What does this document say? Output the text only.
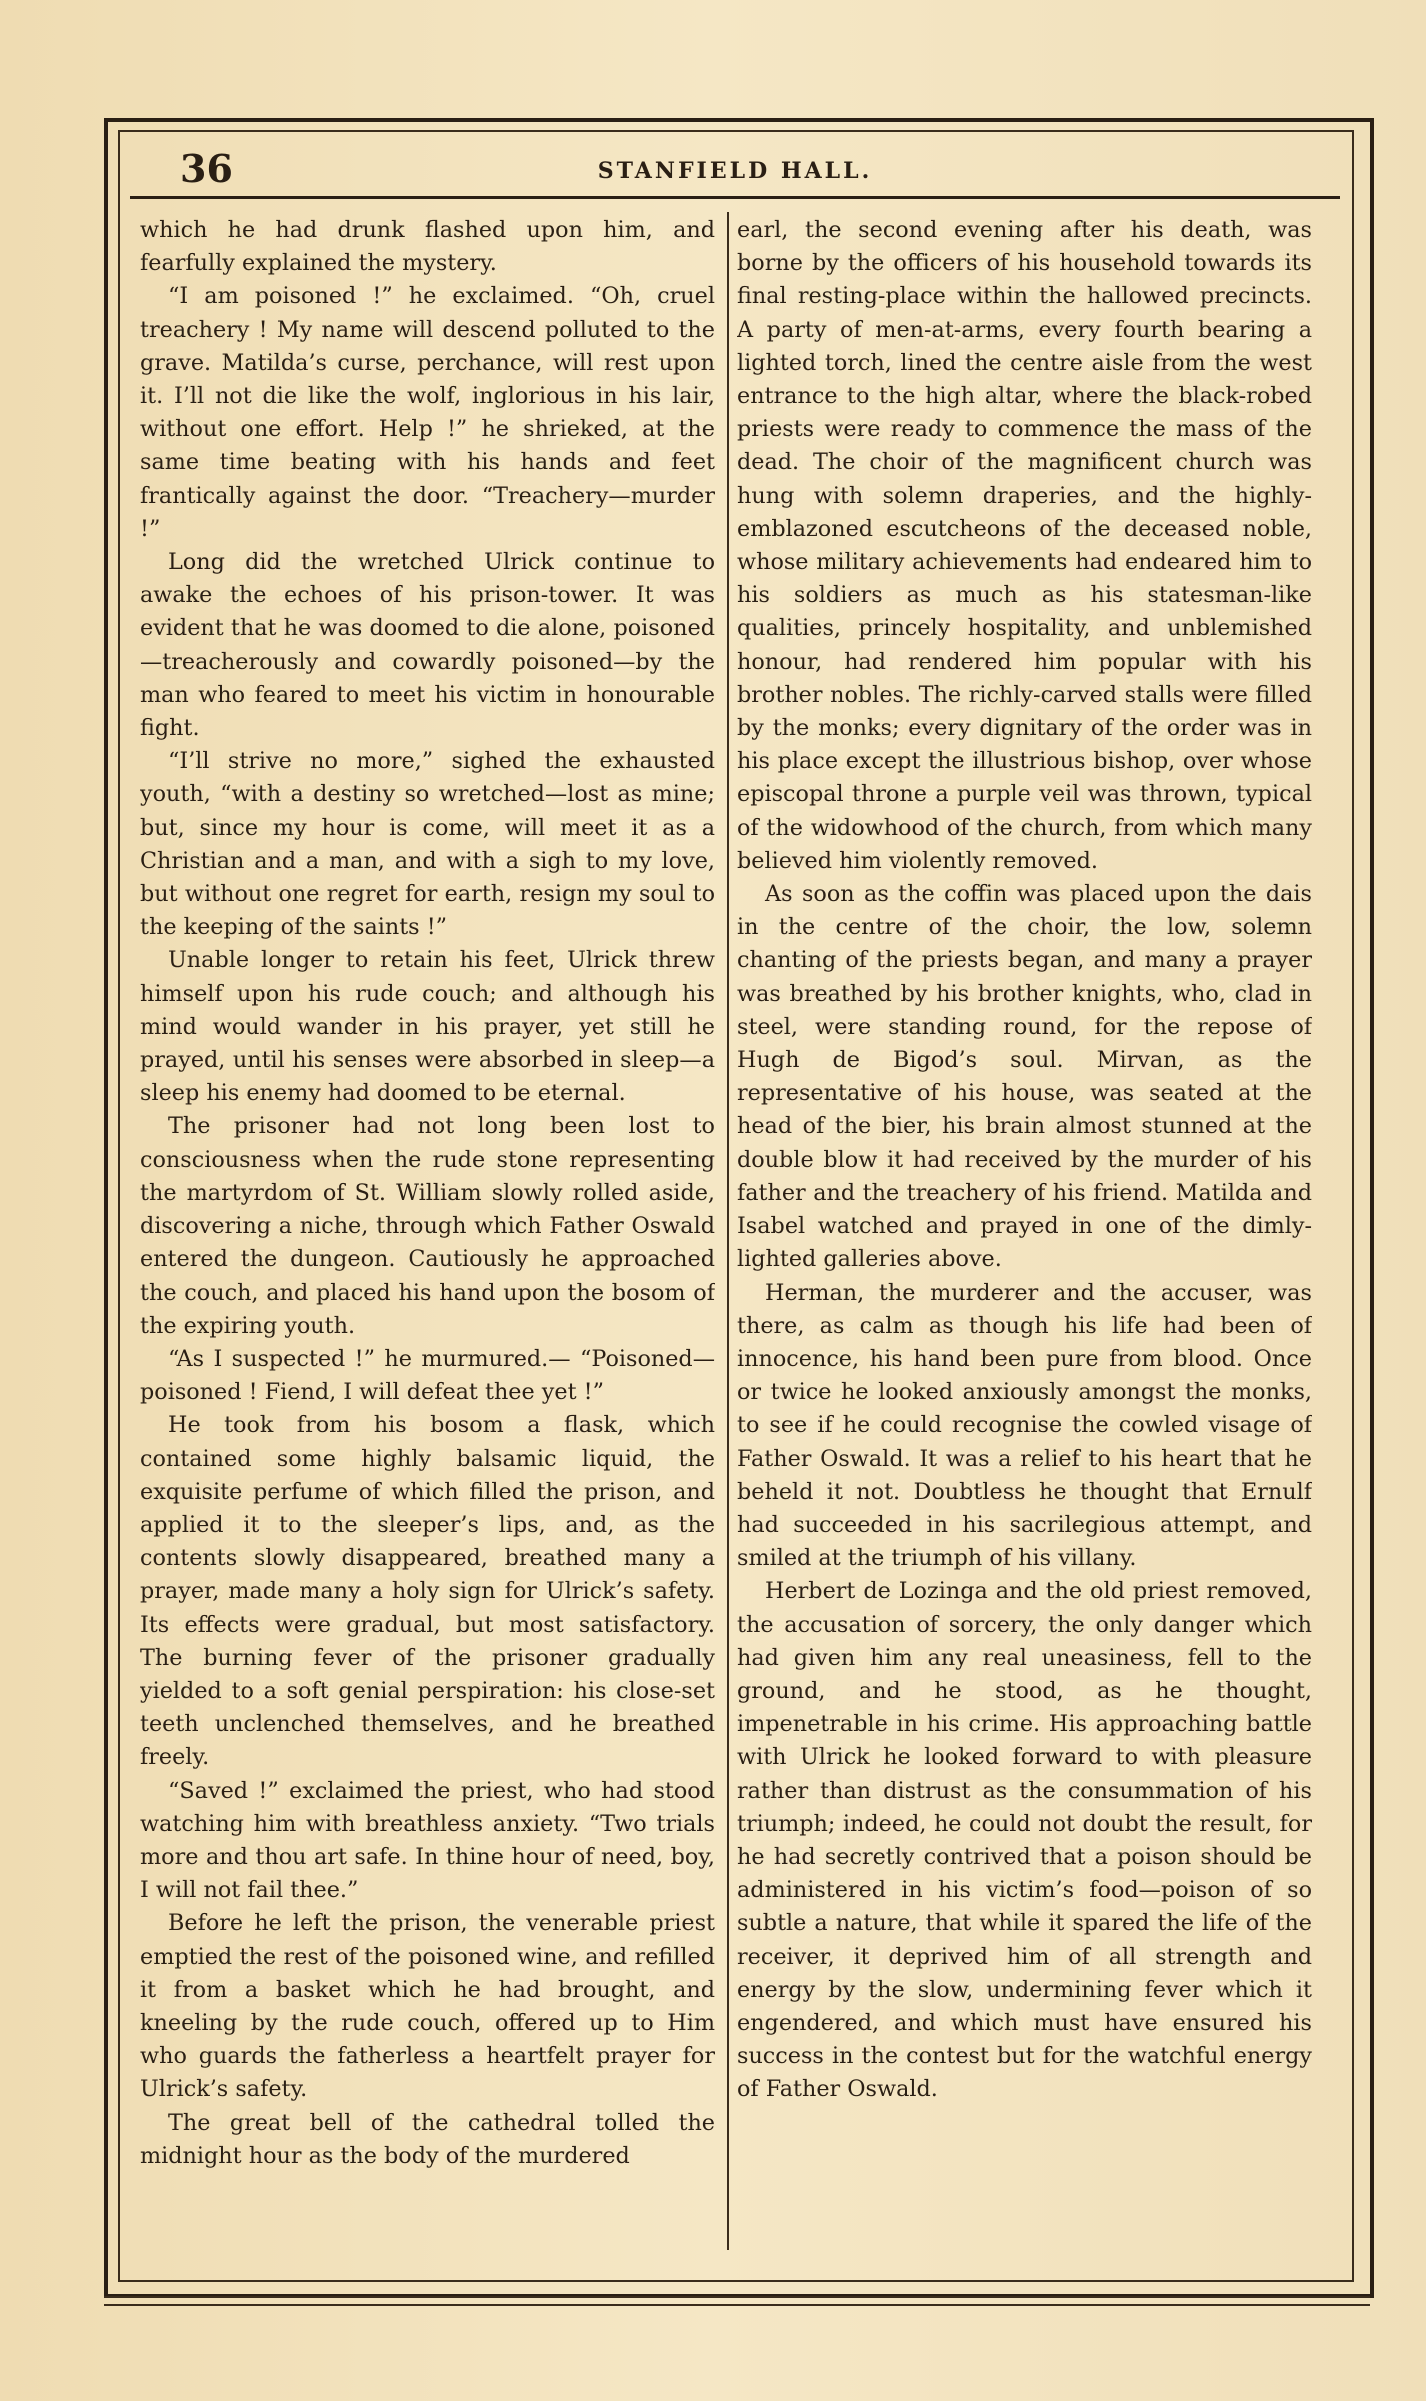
36	STANFIELD HALL.

which he had drunk flashed upon him, and fearfully explained the mystery.

“I am poisoned !” he exclaimed. “Oh, cruel treachery ! My name will descend polluted to the grave. Matilda’s curse, perchance, will rest upon it. I’ll not die like the wolf, inglorious in his lair, without one effort. Help !” he shrieked, at the same time beating with his hands and feet frantically against the door. “Treachery—murder !”

Long did the wretched Ulrick continue to awake the echoes of his prison-tower. It was evident that he was doomed to die alone, poisoned—treacherously and cowardly poisoned—by the man who feared to meet his victim in honourable fight.

“I’ll strive no more,” sighed the exhausted youth, “with a destiny so wretched—lost as mine; but, since my hour is come, will meet it as a Christian and a man, and with a sigh to my love, but without one regret for earth, resign my soul to the keeping of the saints !”

Unable longer to retain his feet, Ulrick threw himself upon his rude couch; and although his mind would wander in his prayer, yet still he prayed, until his senses were absorbed in sleep—a sleep his enemy had doomed to be eternal.

The prisoner had not long been lost to consciousness when the rude stone representing the martyrdom of St. William slowly rolled aside, discovering a niche, through which Father Oswald entered the dungeon. Cautiously he approached the couch, and placed his hand upon the bosom of the expiring youth.

“As I suspected !” he murmured.— “Poisoned—poisoned ! Fiend, I will defeat thee yet !”

He took from his bosom a flask, which contained some highly balsamic liquid, the exquisite perfume of which filled the prison, and applied it to the sleeper’s lips, and, as the contents slowly disappeared, breathed many a prayer, made many a holy sign for Ulrick’s safety. Its effects were gradual, but most satisfactory. The burning fever of the prisoner gradually yielded to a soft genial perspiration: his close-set teeth unclenched themselves, and he breathed freely.

“Saved !” exclaimed the priest, who had stood watching him with breathless anxiety. “Two trials more and thou art safe. In thine hour of need, boy, I will not fail thee.”

Before he left the prison, the venerable priest emptied the rest of the poisoned wine, and refilled it from a basket which he had brought, and kneeling by the rude couch, offered up to Him who guards the fatherless a heartfelt prayer for Ulrick’s safety.

The great bell of the cathedral tolled the midnight hour as the body of the murdered

earl, the second evening after his death, was borne by the officers of his household towards its final resting-place within the hallowed precincts. A party of men-at-arms, every fourth bearing a lighted torch, lined the centre aisle from the west entrance to the high altar, where the black-robed priests were ready to commence the mass of the dead. The choir of the magnificent church was hung with solemn draperies, and the highly-emblazoned escutcheons of the deceased noble, whose military achievements had endeared him to his soldiers as much as his statesman-like qualities, princely hospitality, and unblemished honour, had rendered him popular with his brother nobles. The richly-carved stalls were filled by the monks; every dignitary of the order was in his place except the illustrious bishop, over whose episcopal throne a purple veil was thrown, typical of the widowhood of the church, from which many believed him violently removed.

As soon as the coffin was placed upon the dais in the centre of the choir, the low, solemn chanting of the priests began, and many a prayer was breathed by his brother knights, who, clad in steel, were standing round, for the repose of Hugh de Bigod’s soul. Mirvan, as the representative of his house, was seated at the head of the bier, his brain almost stunned at the double blow it had received by the murder of his father and the treachery of his friend. Matilda and Isabel watched and prayed in one of the dimly-lighted galleries above.

Herman, the murderer and the accuser, was there, as calm as though his life had been of innocence, his hand been pure from blood. Once or twice he looked anxiously amongst the monks, to see if he could recognise the cowled visage of Father Oswald. It was a relief to his heart that he beheld it not. Doubtless he thought that Ernulf had succeeded in his sacrilegious attempt, and smiled at the triumph of his villany.

Herbert de Lozinga and the old priest removed, the accusation of sorcery, the only danger which had given him any real uneasiness, fell to the ground, and he stood, as he thought, impenetrable in his crime. His approaching battle with Ulrick he looked forward to with pleasure rather than distrust as the consummation of his triumph; indeed, he could not doubt the result, for he had secretly contrived that a poison should be administered in his victim’s food—poison of so subtle a nature, that while it spared the life of the receiver, it deprived him of all strength and energy by the slow, undermining fever which it engendered, and which must have ensured his success in the contest but for the watchful energy of Father Oswald.
